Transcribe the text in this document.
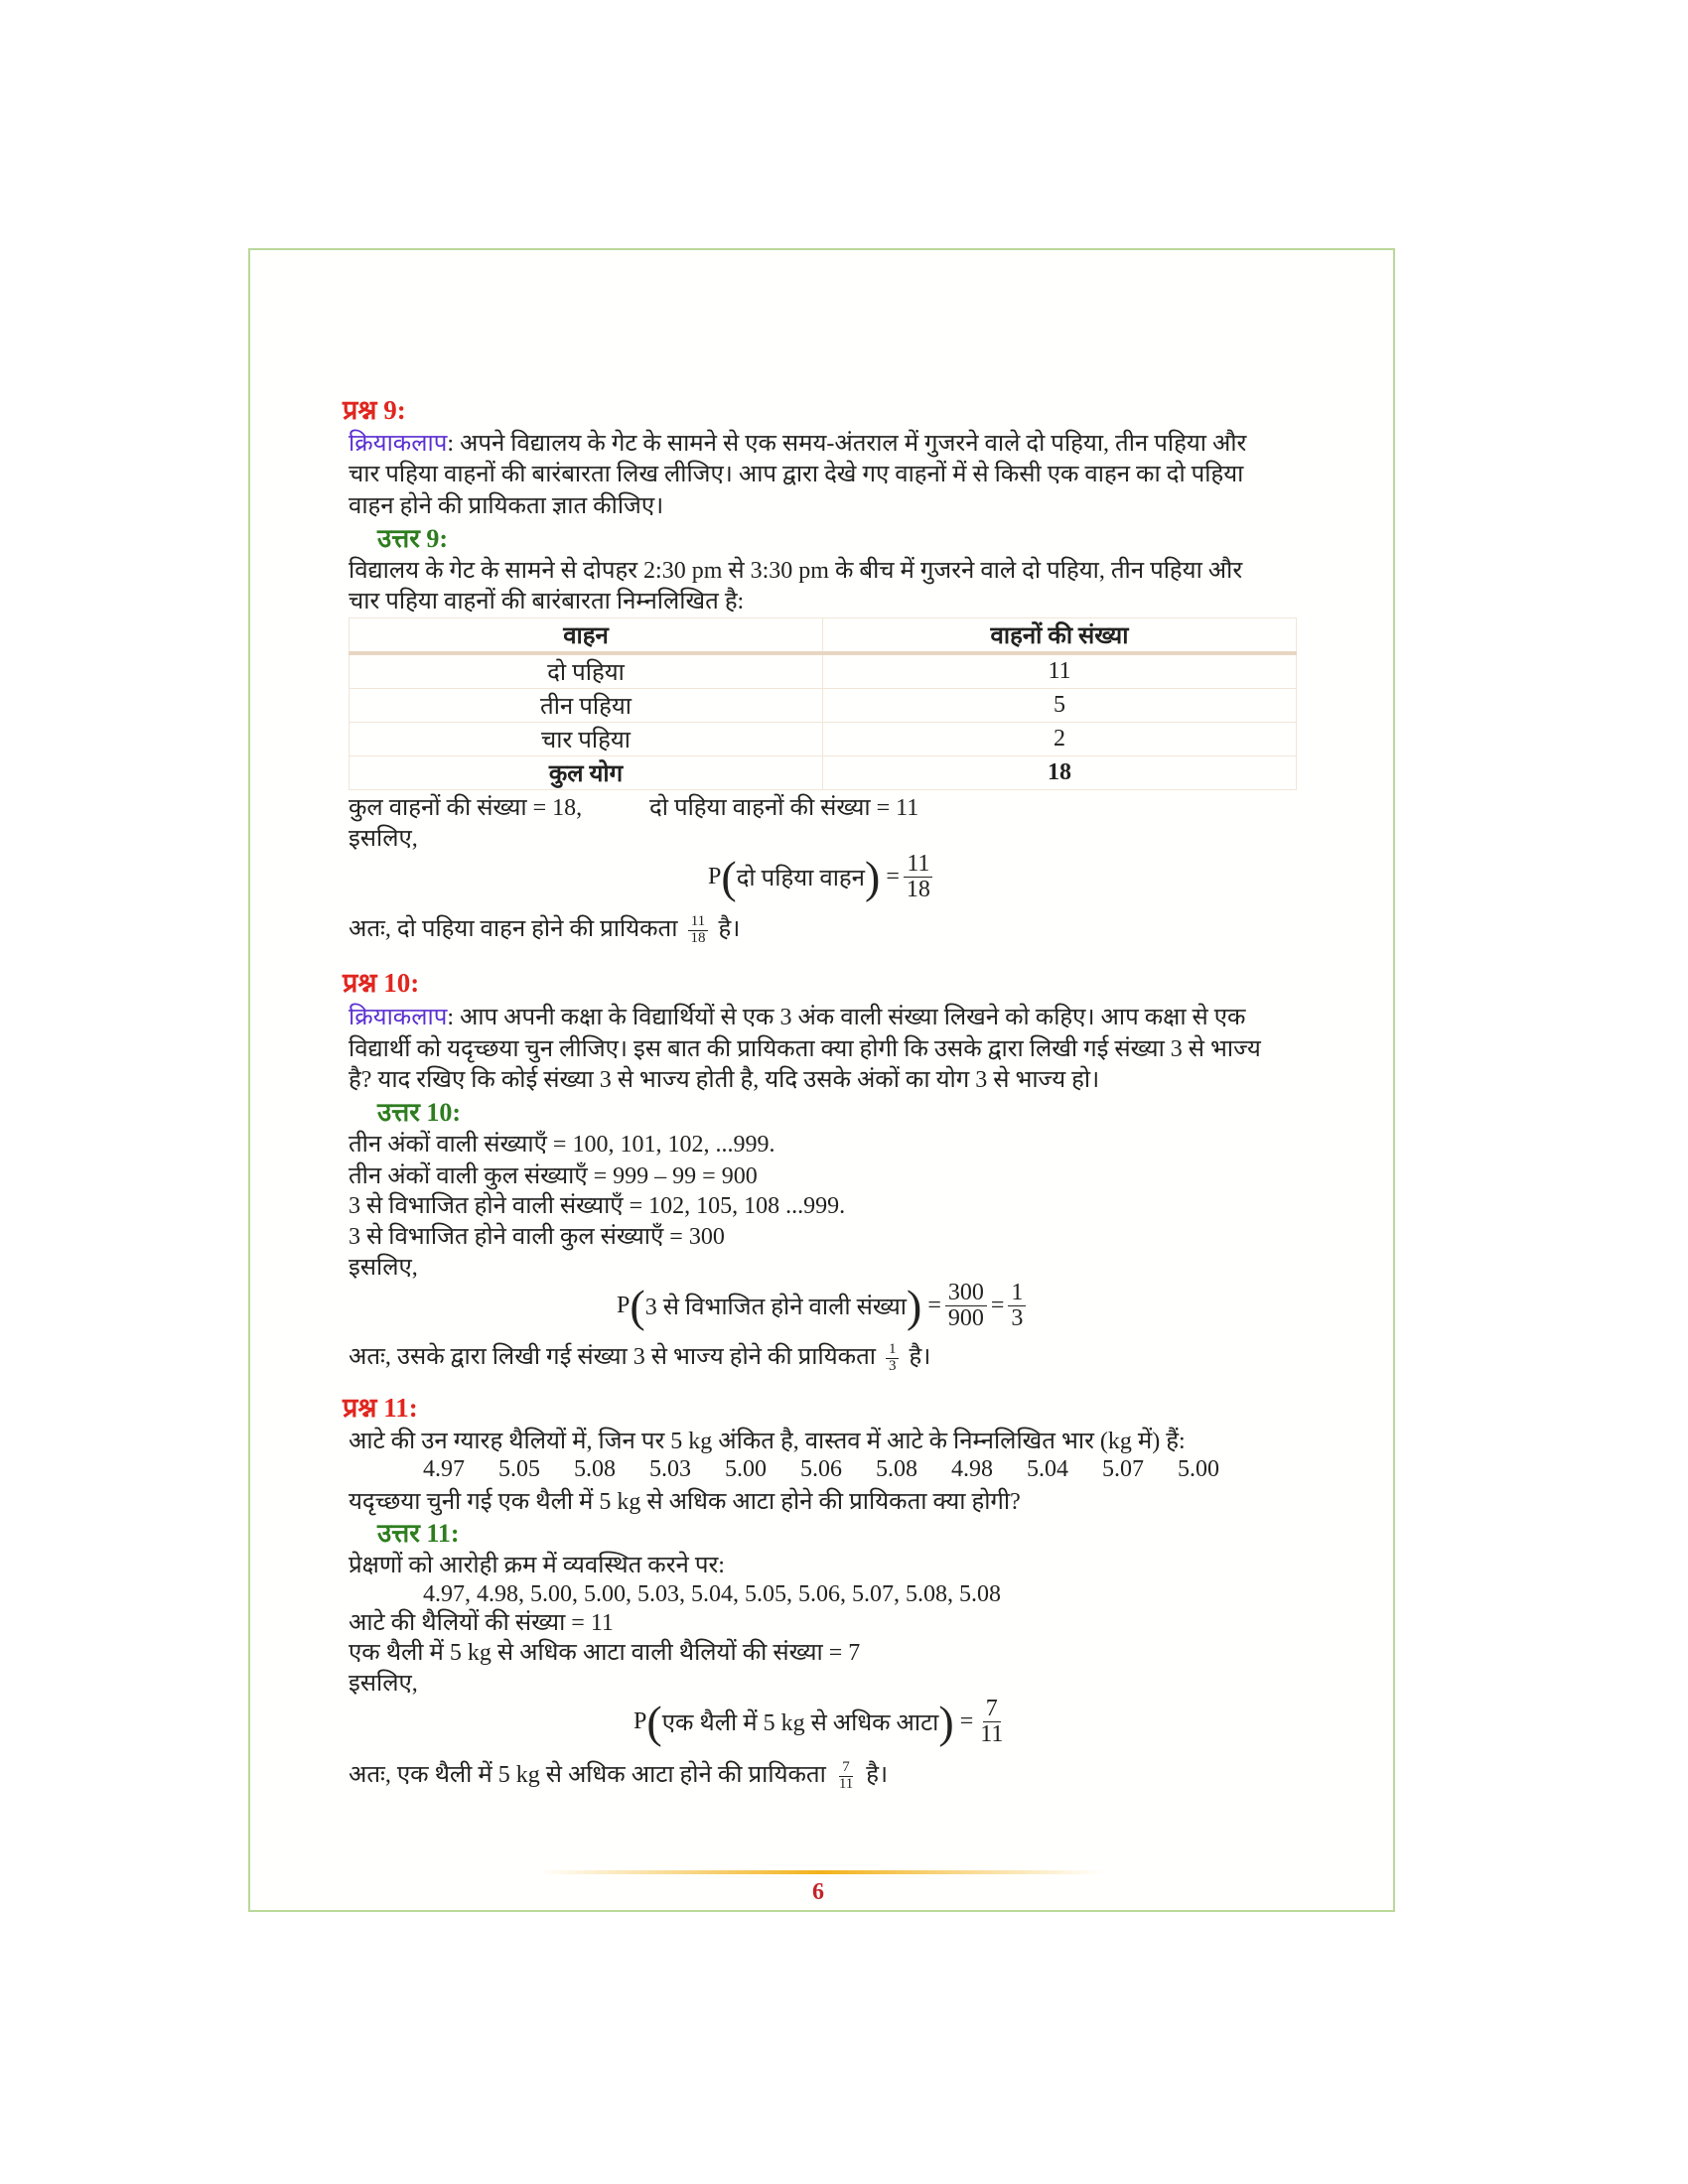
प्रश्न 9:
क्रियाकलाप: अपने विद्यालय के गेट के सामने से एक समय-अंतराल में गुजरने वाले दो पहिया, तीन पहिया और
चार पहिया वाहनों की बारंबारता लिख लीजिए। आप द्वारा देखे गए वाहनों में से किसी एक वाहन का दो पहिया
वाहन होने की प्रायिकता ज्ञात कीजिए।
उत्तर 9:
विद्यालय के गेट के सामने से दोपहर 2:30 pm से 3:30 pm के बीच में गुजरने वाले दो पहिया, तीन पहिया और
चार पहिया वाहनों की बारंबारता निम्नलिखित है:
वाहन	वाहनों की संख्या
दो पहिया	11
तीन पहिया	5
चार पहिया	2
कुल योग	18
कुल वाहनों की संख्या = 18,	दो पहिया वाहनों की संख्या = 11
इसलिए,
P ( दो पहिया वाहन )
= $\frac{11}{18}$
अतः, दो पहिया वाहन होने की प्रायिकता $\frac{11}{18}$ है।
प्रश्न 10:
क्रियाकलाप: आप अपनी कक्षा के विद्यार्थियों से एक 3 अंक वाली संख्या लिखने को कहिए। आप कक्षा से एक
विद्यार्थी को यदृच्छया चुन लीजिए। इस बात की प्रायिकता क्या होगी कि उसके द्वारा लिखी गई संख्या 3 से भाज्य
है? याद रखिए कि कोई संख्या 3 से भाज्य होती है, यदि उसके अंकों का योग 3 से भाज्य हो।
उत्तर 10:
तीन अंकों वाली संख्याएँ = 100, 101, 102, ...999.
तीन अंकों वाली कुल संख्याएँ = 999 – 99 = 900
3 से विभाजित होने वाली संख्याएँ = 102, 105, 108 ...999.
3 से विभाजित होने वाली कुल संख्याएँ = 300
इसलिए,
P ( 3 से विभाजित होने वाली संख्या )
= $\frac{300}{900} = \frac{1}{3}$
अतः, उसके द्वारा लिखी गई संख्या 3 से भाज्य होने की प्रायिकता $\frac{1}{3}$ है।
प्रश्न 11:
आटे की उन ग्यारह थैलियों में, जिन पर 5 kg अंकित है, वास्तव में आटे के निम्नलिखित भार (kg में) हैं:
4.97	5.05	5.08	5.03	5.00	5.06	5.08	4.98	5.04	5.07	5.00
यदृच्छया चुनी गई एक थैली में 5 kg से अधिक आटा होने की प्रायिकता क्या होगी?
उत्तर 11:
प्रेक्षणों को आरोही क्रम में व्यवस्थित करने पर:
4.97, 4.98, 5.00, 5.00, 5.03, 5.04, 5.05, 5.06, 5.07, 5.08, 5.08
आटे की थैलियों की संख्या = 11
एक थैली में 5 kg से अधिक आटा वाली थैलियों की संख्या = 7
इसलिए,
P ( एक थैली में 5 kg से अधिक आटा )
= $\frac{7}{11}$
अतः, एक थैली में 5 kg से अधिक आटा होने की प्रायिकता $\frac{7}{11}$ है।
6
